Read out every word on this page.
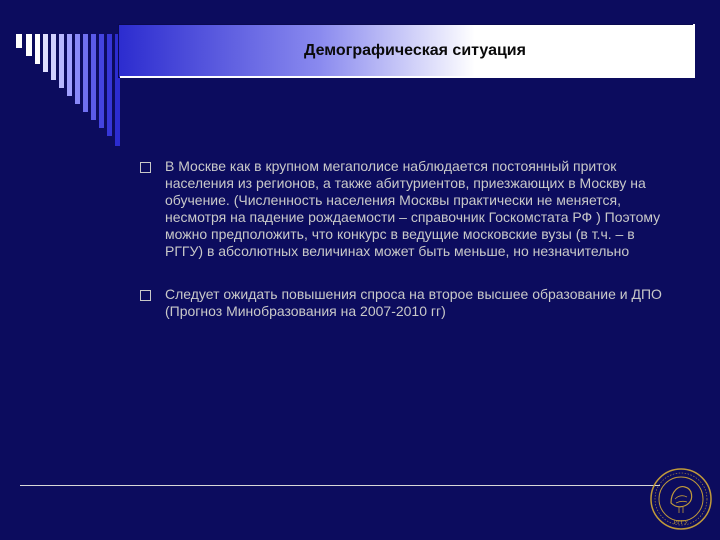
Демографическая ситуация
В Москве как в крупном мегаполисе наблюдается постоянный приток населения из регионов, а также абитуриентов, приезжающих в Москву на обучение. (Численность населения Москвы практически не меняется, несмотря на падение рождаемости – справочник Госкомстата РФ ) Поэтому можно предположить, что конкурс в ведущие московские вузы (в т.ч. – в РГГУ) в абсолютных величинах может быть меньше, но незначительно
Следует ожидать повышения спроса на второе высшее образование и ДПО (Прогноз Минобразования на 2007-2010 гг)
РГГУ
